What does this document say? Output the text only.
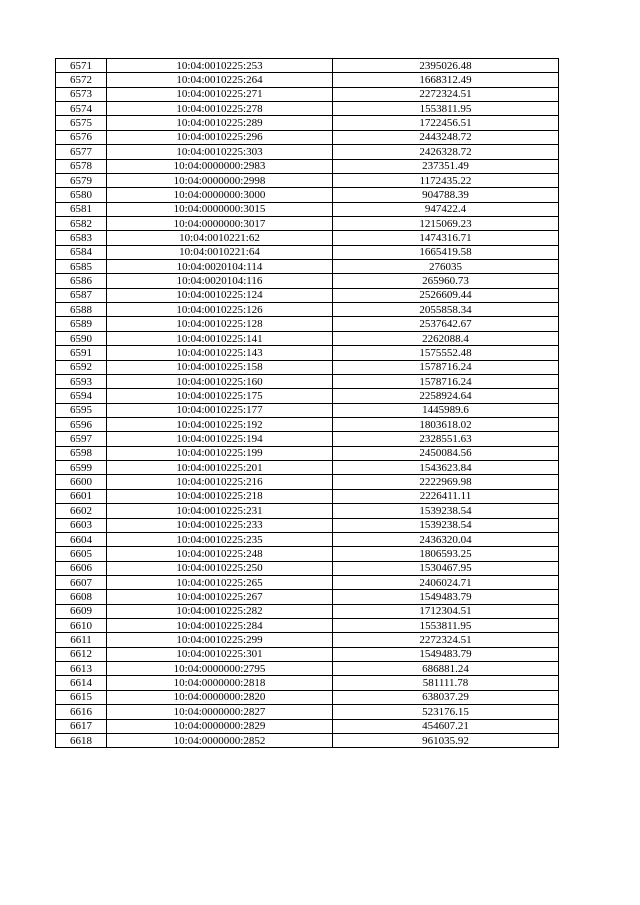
6571	10:04:0010225:253	2395026.48
6572	10:04:0010225:264	1668312.49
6573	10:04:0010225:271	2272324.51
6574	10:04:0010225:278	1553811.95
6575	10:04:0010225:289	1722456.51
6576	10:04:0010225:296	2443248.72
6577	10:04:0010225:303	2426328.72
6578	10:04:0000000:2983	237351.49
6579	10:04:0000000:2998	1172435.22
6580	10:04:0000000:3000	904788.39
6581	10:04:0000000:3015	947422.4
6582	10:04:0000000:3017	1215069.23
6583	10:04:0010221:62	1474316.71
6584	10:04:0010221:64	1665419.58
6585	10:04:0020104:114	276035
6586	10:04:0020104:116	265960.73
6587	10:04:0010225:124	2526609.44
6588	10:04:0010225:126	2055858.34
6589	10:04:0010225:128	2537642.67
6590	10:04:0010225:141	2262088.4
6591	10:04:0010225:143	1575552.48
6592	10:04:0010225:158	1578716.24
6593	10:04:0010225:160	1578716.24
6594	10:04:0010225:175	2258924.64
6595	10:04:0010225:177	1445989.6
6596	10:04:0010225:192	1803618.02
6597	10:04:0010225:194	2328551.63
6598	10:04:0010225:199	2450084.56
6599	10:04:0010225:201	1543623.84
6600	10:04:0010225:216	2222969.98
6601	10:04:0010225:218	2226411.11
6602	10:04:0010225:231	1539238.54
6603	10:04:0010225:233	1539238.54
6604	10:04:0010225:235	2436320.04
6605	10:04:0010225:248	1806593.25
6606	10:04:0010225:250	1530467.95
6607	10:04:0010225:265	2406024.71
6608	10:04:0010225:267	1549483.79
6609	10:04:0010225:282	1712304.51
6610	10:04:0010225:284	1553811.95
6611	10:04:0010225:299	2272324.51
6612	10:04:0010225:301	1549483.79
6613	10:04:0000000:2795	686881.24
6614	10:04:0000000:2818	581111.78
6615	10:04:0000000:2820	638037.29
6616	10:04:0000000:2827	523176.15
6617	10:04:0000000:2829	454607.21
6618	10:04:0000000:2852	961035.92
